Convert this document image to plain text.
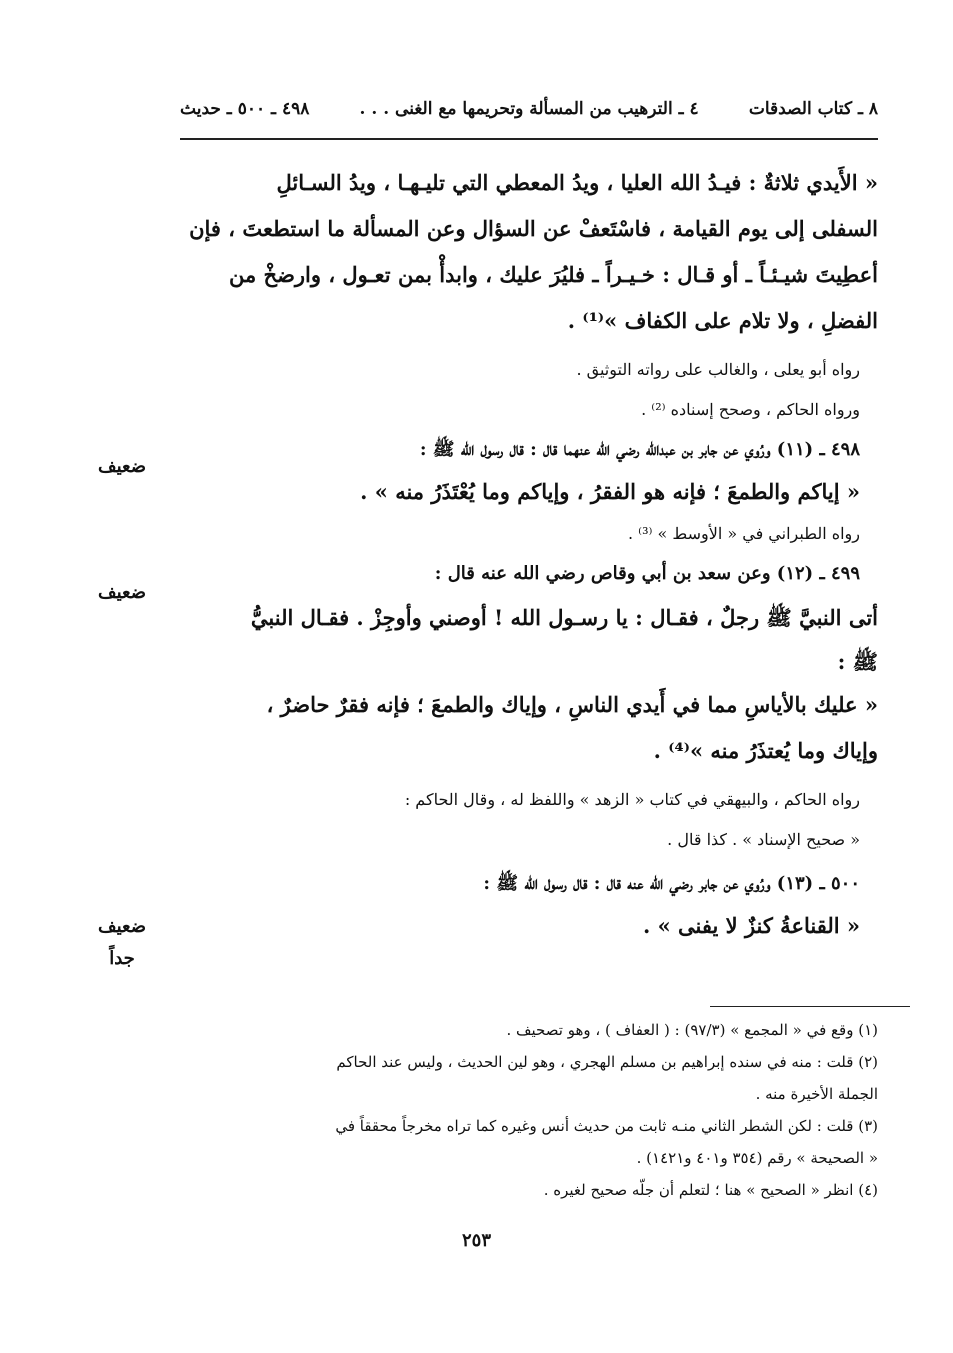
٨ ـ كتاب الصدقات
٤ ـ الترهيب من المسألة وتحريمها مع الغنى . . .
٤٩٨ ـ ٥٠٠ ـ حديث
« الأَيدي ثلاثةٌ : فيـدُ الله العليا ، ويدُ المعطي التي تليـهـا ، ويدُ السـائلِ
السفلى إلى يوم القيامة ، فاسْتَعفْ عن السؤال وعن المسألة ما استطعتَ ، فإن
أعطِيتَ شيـئـاً ـ أو قـال : خـيـراً ـ فليُرَ عليك ، وابدأْ بمن تعـول ، وارضخْ من
الفضلِ ، ولا تلام على الكفاف »⁽¹⁾ .
رواه أبو يعلى ، والغالب على رواته التوثيق .
ورواه الحاكم ، وصحح إسناده ⁽²⁾ .
٤٩٨ ـ (١١) ورُوي عن جابر بن عبدالله رضي الله عنهما قال : قال رسول الله ﷺ :
« إياكم والطمعَ ؛ فإنه هو الفقرُ ، وإياكم وما يُعْتَذَرُ منه » .
رواه الطبراني في « الأوسط » ⁽³⁾ .
٤٩٩ ـ (١٢) وعن سعد بن أبي وقاص رضي الله عنه قال :
أتى النبيَّ ﷺ رجلٌ ، فقـال : يا رسـول الله ! أوصني وأوجِزْ . فقـال النبيُّ
ﷺ :
« عليك بالأياسِ مما في أَيدي الناسِ ، وإياك والطمعَ ؛ فإنه فقرٌ حاضرٌ ،
وإياك وما يُعتذَرُ منه »⁽⁴⁾ .
رواه الحاكم ، والبيهقي في كتاب « الزهد » واللفظ له ، وقال الحاكم :
« صحيح الإسناد » . كذا قال .
٥٠٠ ـ (١٣) ورُوي عن جابر رضي الله عنه قال : قال رسول الله ﷺ :
« القناعةُ كنزٌ لا يفنى » .
ضعيف
ضعيف
ضعيف
جداً
(١) وقع في « المجمع » (٩٧/٣) : ( العفاف ) ، وهو تصحيف .
(٢) قلت : منه في سنده إبراهيم بن مسلم الهجري ، وهو لين الحديث ، وليس عند الحاكم
الجملة الأخيرة منه .
(٣) قلت : لكن الشطر الثاني منـه ثابت من حديث أنس وغيره كما تراه مخرجاً محققاً في
« الصحيحة » رقم (٣٥٤ و٤٠١ و١٤٢١) .
(٤) انظر « الصحيح » هنا ؛ لتعلم أن جلّه صحيح لغيره .
٢٥٣
